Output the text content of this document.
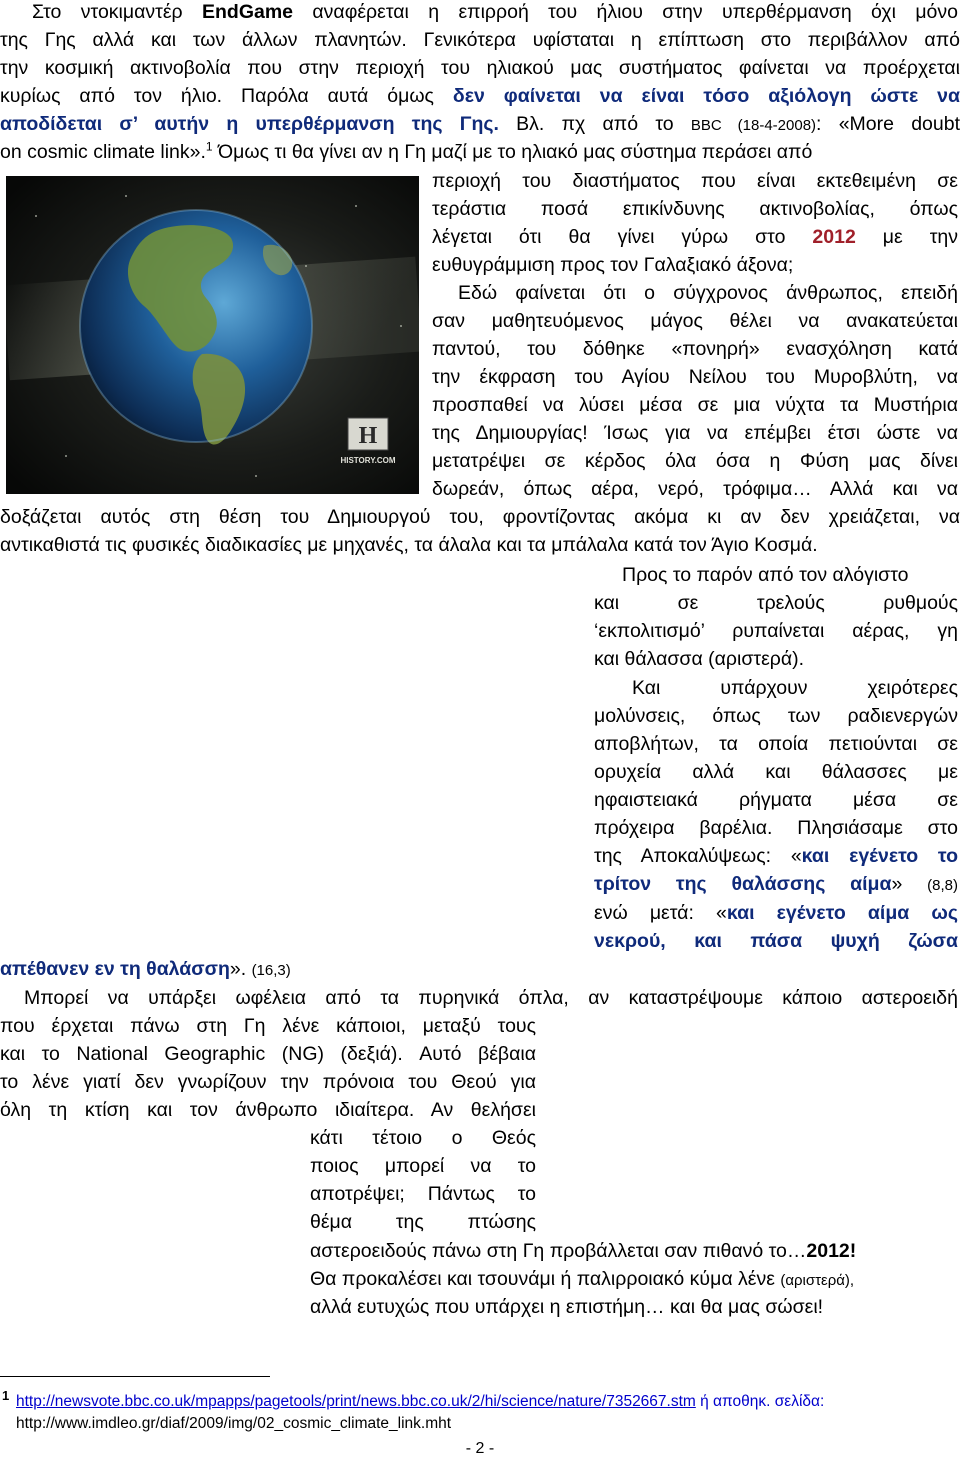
Στο ντοκιμαντέρ EndGame αναφέρεται η επιρροή του ήλιου στην υπερθέρμανση όχι μόνο

της Γης αλλά και των άλλων πλανητών. Γενικότερα υφίσταται η επίπτωση στο περιβάλλον από

την κοσμική ακτινοβολία που στην περιοχή του ηλιακού μας συστήματος φαίνεται να προέρχεται

κυρίως από τον ήλιο. Παρόλα αυτά όμως δεν φαίνεται να είναι τόσο αξιόλογη ώστε να

αποδίδεται σ’ αυτήν η υπερθέρμανση της Γης. Βλ. πχ από το BBC (18-4-2008): «More doubt

on cosmic climate link».$^1$ Όμως τι θα γίνει αν η Γη μαζί με το ηλιακό μας σύστημα περάσει από

H
HISTORY.COM

περιοχή του διαστήματος που είναι εκτεθειμένη σε

τεράστια ποσά επικίνδυνης ακτινοβολίας, όπως

λέγεται ότι θα γίνει γύρω στο 2012 με την

ευθυγράμμιση προς τον Γαλαξιακό άξονα;

Εδώ φαίνεται ότι ο σύγχρονος άνθρωπος, επειδή

σαν μαθητευόμενος μάγος θέλει να ανακατεύεται

παντού, του δόθηκε «πονηρή» ενασχόληση κατά

την έκφραση του Αγίου Νείλου του Μυροβλύτη, να

προσπαθεί να λύσει μέσα σε μια νύχτα τα Μυστήρια

της Δημιουργίας! Ίσως για να επέμβει έτσι ώστε να

μετατρέψει σε κέρδος όλα όσα η Φύση μας δίνει

δωρεάν, όπως αέρα, νερό, τρόφιμα… Αλλά και να

δοξάζεται αυτός στη θέση του Δημιουργού του, φροντίζοντας ακόμα κι αν δεν χρειάζεται, να

αντικαθιστά τις φυσικές διαδικασίες με μηχανές, τα άλαλα και τα μπάλαλα κατά τον Άγιο Κοσμά.

Προς το παρόν από τον αλόγιστο

και σε τρελούς ρυθμούς

‘εκπολιτισμό’ ρυπαίνεται αέρας, γη

και θάλασσα (αριστερά).

Και υπάρχουν χειρότερες

μολύνσεις, όπως των ραδιενεργών

αποβλήτων, τα οποία πετιούνται σε

ορυχεία αλλά και θάλασσες με

ηφαιστειακά ρήγματα μέσα σε

πρόχειρα βαρέλια. Πλησιάσαμε στο

της Αποκαλύψεως: «και εγένετο το

τρίτον της θαλάσσης αίμα» (8,8)

ενώ μετά: «και εγένετο αίμα ως

νεκρού, και πάσα ψυχή ζώσα

απέθανεν εν τη θαλάσση». (16,3)

Μπορεί να υπάρξει ωφέλεια από τα πυρηνικά όπλα, αν καταστρέψουμε κάποιο αστεροειδή

που έρχεται πάνω στη Γη λένε κάποιοι, μεταξύ τους

και το National Geographic (NG) (δεξιά). Αυτό βέβαια

το λένε γιατί δεν γνωρίζουν την πρόνοια του Θεού για

όλη τη κτίση και τον άνθρωπο ιδιαίτερα. Αν θελήσει

κάτι τέτοιο ο Θεός

ποιος μπορεί να το

αποτρέψει; Πάντως το

θέμα της πτώσης

αστεροειδούς πάνω στη Γη προβάλλεται σαν πιθανό το…2012!

Θα προκαλέσει και τσουνάμι ή παλιρροιακό κύμα λένε (αριστερά),

αλλά ευτυχώς που υπάρχει η επιστήμη… και θα μας σώσει!

1 http://newsvote.bbc.co.uk/mpapps/pagetools/print/news.bbc.co.uk/2/hi/science/nature/7352667.stm ή αποθηκ. σελίδα:
http://www.imdleo.gr/diaf/2009/img/02_cosmic_climate_link.mht
- 2 -
